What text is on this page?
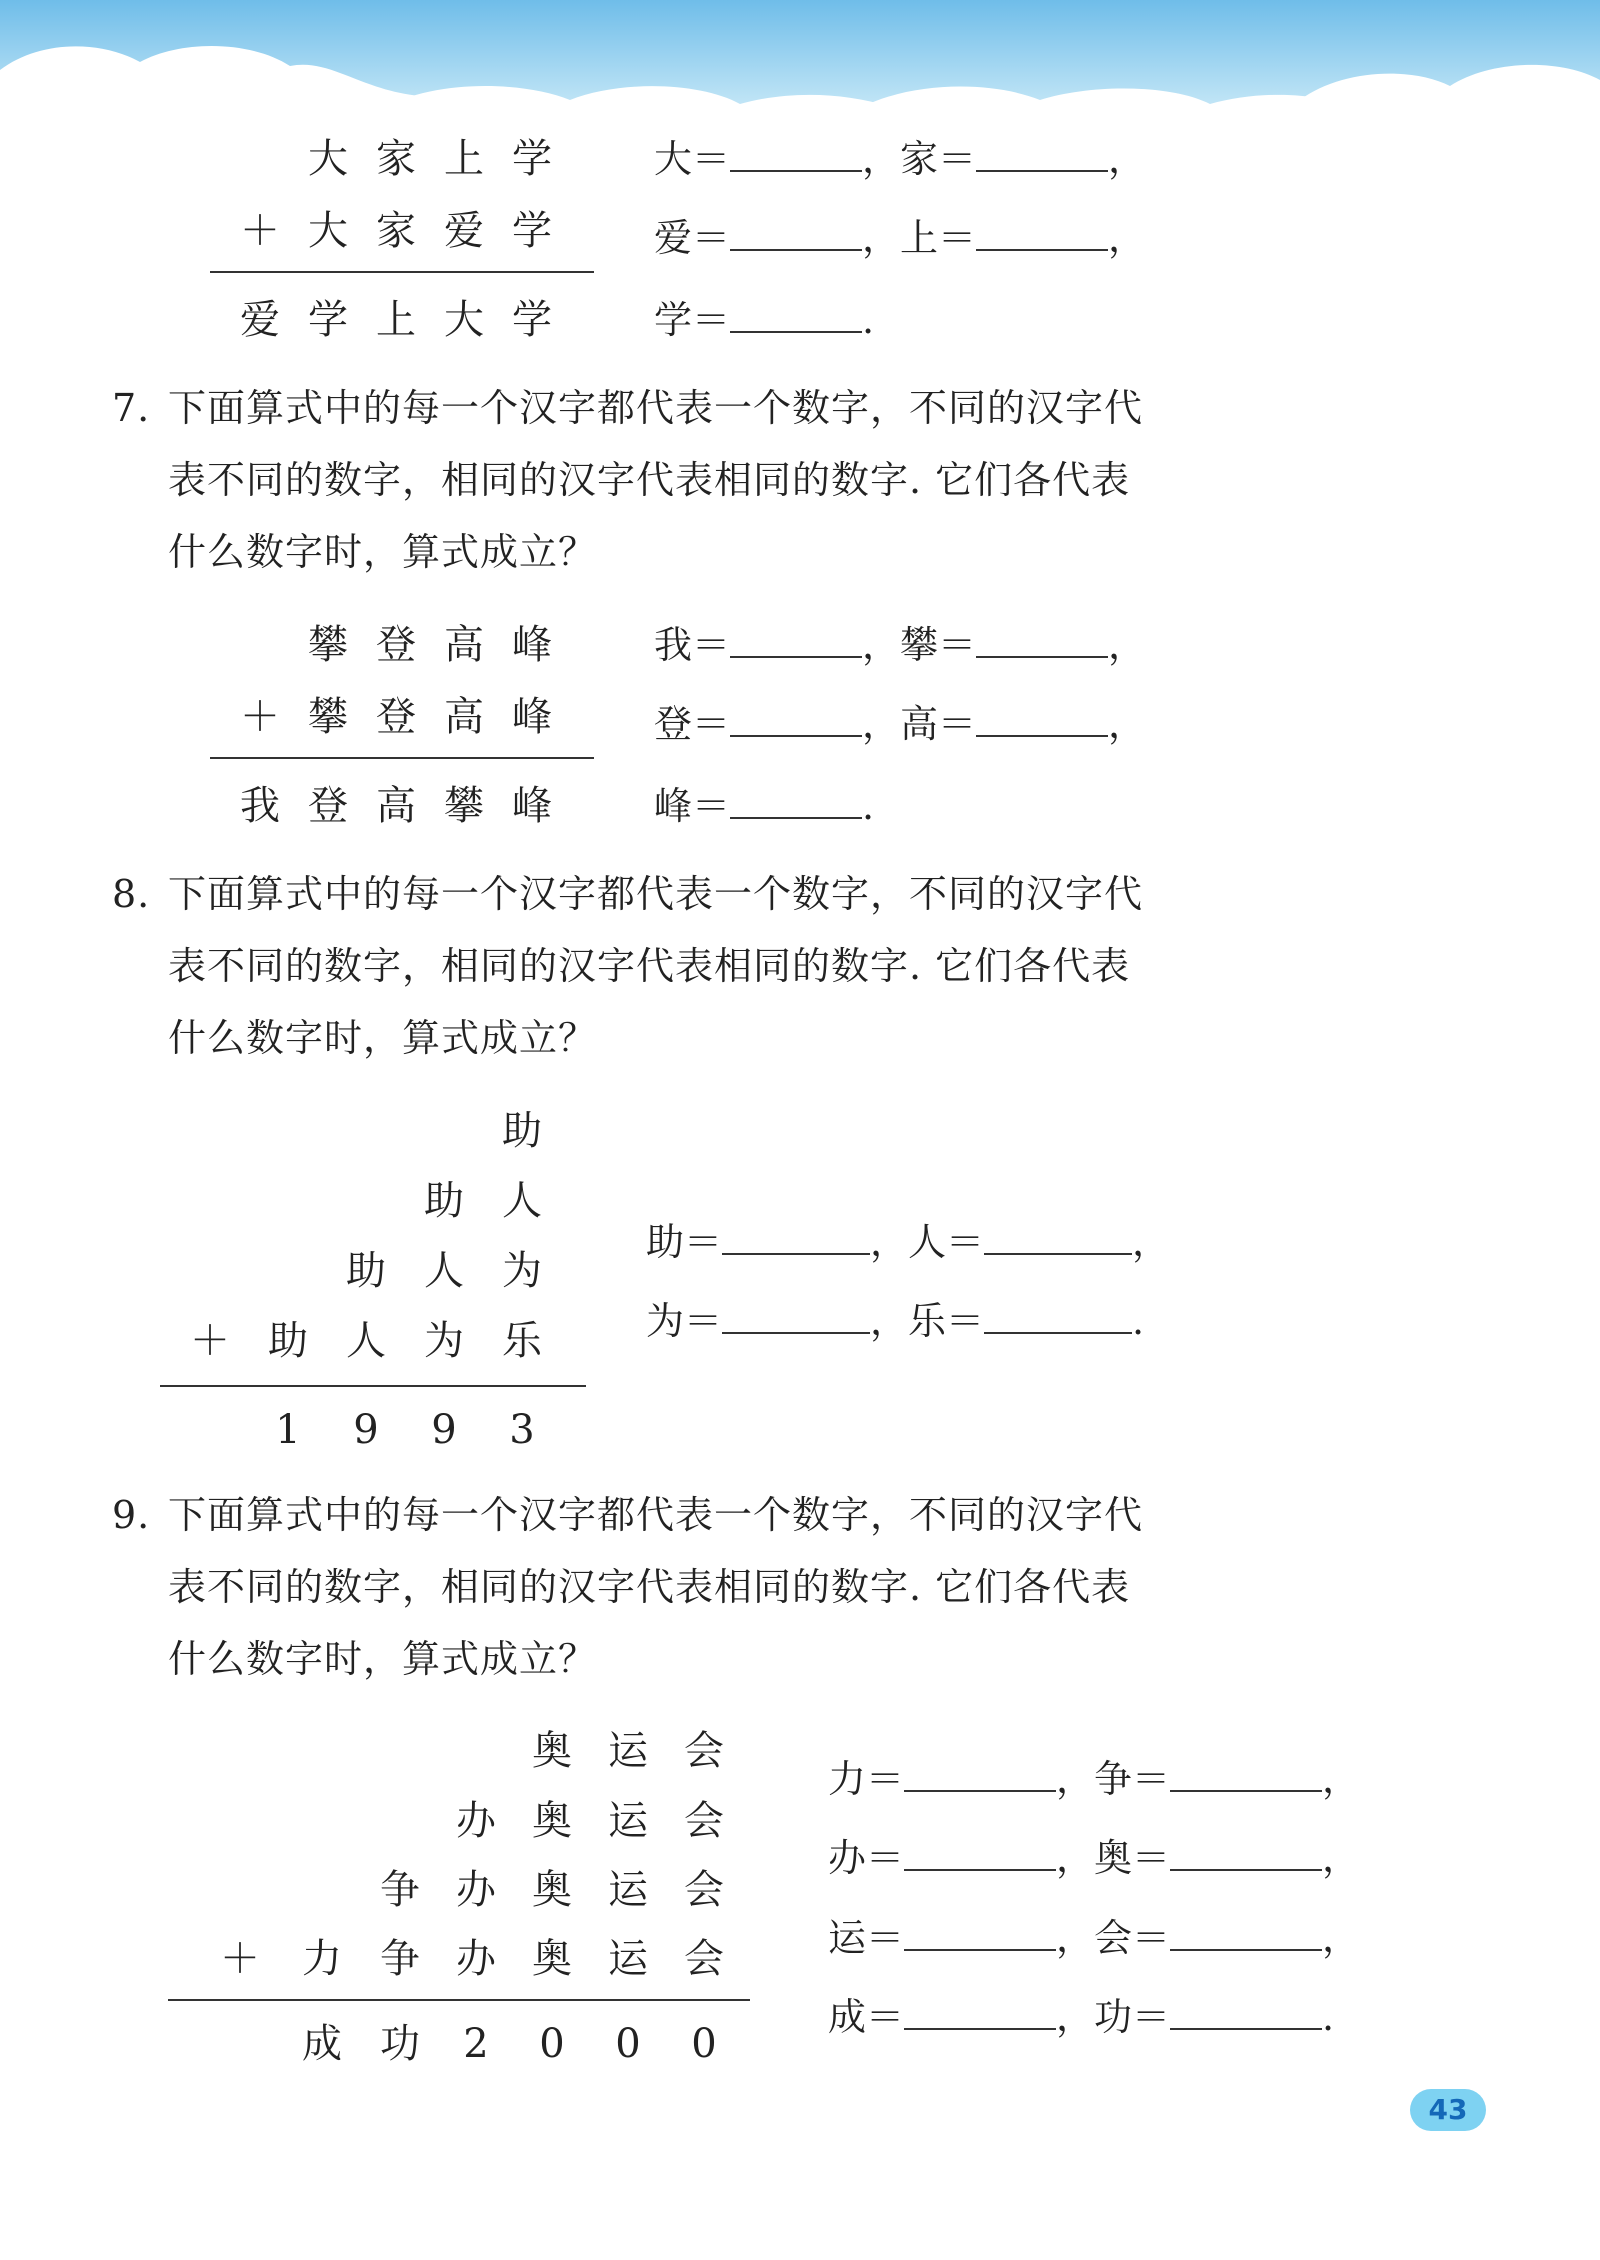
大 家 上 学
＋ 大 家 爱 学
爱 学 上 大 学
大＝	，家＝	，
爱＝	，上＝	，
学＝	.
7. 下面算式中的每一个汉字都代表一个数字，不同的汉字代
表不同的数字，相同的汉字代表相同的数字. 它们各代表
什么数字时，算式成立？
攀 登 高 峰
＋ 攀 登 高 峰
我 登 高 攀 峰
我＝	，攀＝	，
登＝	，高＝	，
峰＝	.
8. 下面算式中的每一个汉字都代表一个数字，不同的汉字代
表不同的数字，相同的汉字代表相同的数字. 它们各代表
什么数字时，算式成立？
助
助 人
助 人 为
＋ 助 人 为 乐
1 9 9 3
助＝	，人＝	，
为＝	，乐＝	.
9. 下面算式中的每一个汉字都代表一个数字，不同的汉字代
表不同的数字，相同的汉字代表相同的数字. 它们各代表
什么数字时，算式成立？
奥 运 会
办 奥 运 会
争 办 奥 运 会
＋ 力 争 办 奥 运 会
成 功 2 0 0 0
力＝	，争＝	，
办＝	，奥＝	，
运＝	，会＝	，
成＝	，功＝	.
43
